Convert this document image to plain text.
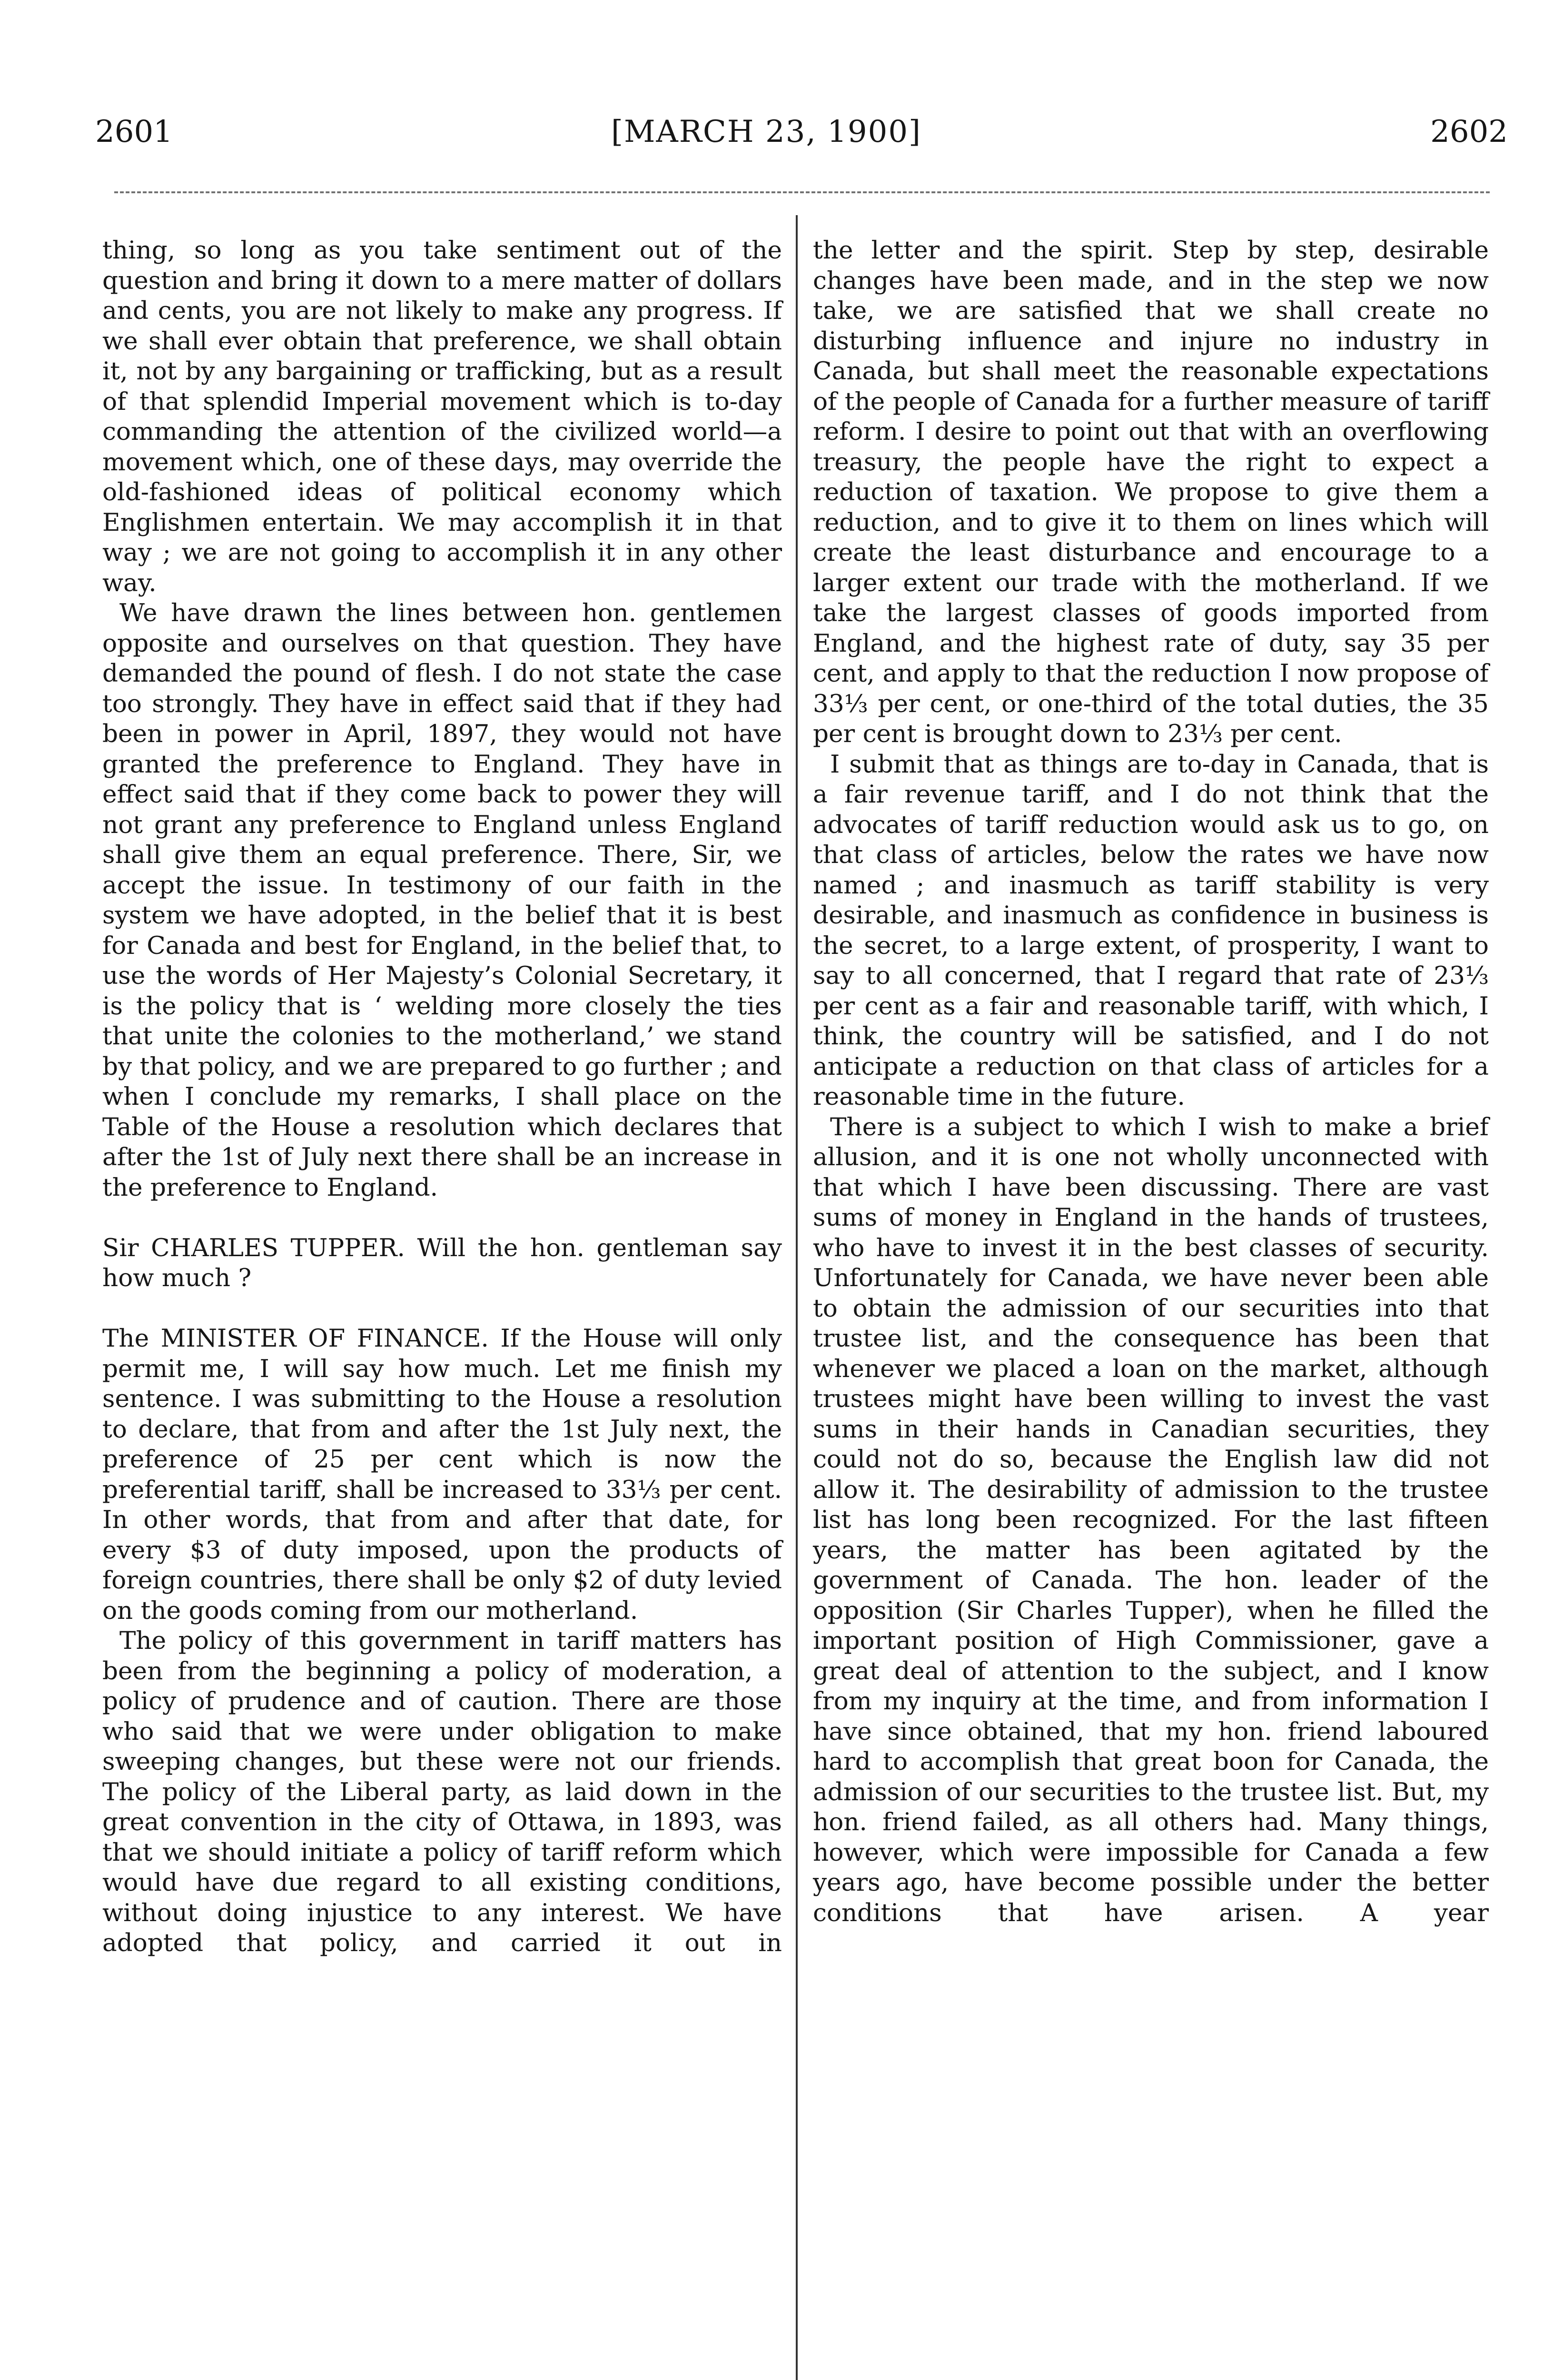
2601	[MARCH 23, 1900]	2602

thing, so long as you take sentiment out of the question and bring it down to a mere matter of dollars and cents, you are not likely to make any progress. If we shall ever obtain that preference, we shall obtain it, not by any bargaining or trafficking, but as a result of that splendid Imperial movement which is to-day commanding the attention of the civilized world—a movement which, one of these days, may override the old-fashioned ideas of political economy which Englishmen entertain. We may accomplish it in that way ; we are not going to accomplish it in any other way.

We have drawn the lines between hon. gentlemen opposite and ourselves on that question. They have demanded the pound of flesh. I do not state the case too strongly. They have in effect said that if they had been in power in April, 1897, they would not have granted the preference to England. They have in effect said that if they come back to power they will not grant any preference to England unless England shall give them an equal preference. There, Sir, we accept the issue. In testimony of our faith in the system we have adopted, in the belief that it is best for Canada and best for England, in the belief that, to use the words of Her Majesty’s Colonial Secretary, it is the policy that is ‘ welding more closely the ties that unite the colonies to the motherland,’ we stand by that policy, and we are prepared to go further ; and when I conclude my remarks, I shall place on the Table of the House a resolution which declares that after the 1st of July next there shall be an increase in the preference to England.

Sir CHARLES TUPPER. Will the hon. gentleman say how much ?

The MINISTER OF FINANCE. If the House will only permit me, I will say how much. Let me finish my sentence. I was submitting to the House a resolution to declare, that from and after the 1st July next, the preference of 25 per cent which is now the preferential tariff, shall be increased to 33⅓ per cent. In other words, that from and after that date, for every $3 of duty imposed, upon the products of foreign countries, there shall be only $2 of duty levied on the goods coming from our motherland.

The policy of this government in tariff matters has been from the beginning a policy of moderation, a policy of prudence and of caution. There are those who said that we were under obligation to make sweeping changes, but these were not our friends. The policy of the Liberal party, as laid down in the great convention in the city of Ottawa, in 1893, was that we should initiate a policy of tariff reform which would have due regard to all existing conditions, without doing injustice to any interest. We have adopted that policy, and carried it out in

the letter and the spirit. Step by step, desirable changes have been made, and in the step we now take, we are satisfied that we shall create no disturbing influence and injure no industry in Canada, but shall meet the reasonable expectations of the people of Canada for a further measure of tariff reform. I desire to point out that with an overflowing treasury, the people have the right to expect a reduction of taxation. We propose to give them a reduction, and to give it to them on lines which will create the least disturbance and encourage to a larger extent our trade with the motherland. If we take the largest classes of goods imported from England, and the highest rate of duty, say 35 per cent, and apply to that the reduction I now propose of 33⅓ per cent, or one-third of the total duties, the 35 per cent is brought down to 23⅓ per cent.

I submit that as things are to-day in Canada, that is a fair revenue tariff, and I do not think that the advocates of tariff reduction would ask us to go, on that class of articles, below the rates we have now named ; and inasmuch as tariff stability is very desirable, and inasmuch as confidence in business is the secret, to a large extent, of prosperity, I want to say to all concerned, that I regard that rate of 23⅓ per cent as a fair and reasonable tariff, with which, I think, the country will be satisfied, and I do not anticipate a reduction on that class of articles for a reasonable time in the future.

There is a subject to which I wish to make a brief allusion, and it is one not wholly unconnected with that which I have been discussing. There are vast sums of money in England in the hands of trustees, who have to invest it in the best classes of security. Unfortunately for Canada, we have never been able to obtain the admission of our securities into that trustee list, and the consequence has been that whenever we placed a loan on the market, although trustees might have been willing to invest the vast sums in their hands in Canadian securities, they could not do so, because the English law did not allow it. The desirability of admission to the trustee list has long been recognized. For the last fifteen years, the matter has been agitated by the government of Canada. The hon. leader of the opposition (Sir Charles Tupper), when he filled the important position of High Commissioner, gave a great deal of attention to the subject, and I know from my inquiry at the time, and from information I have since obtained, that my hon. friend laboured hard to accomplish that great boon for Canada, the admission of our securities to the trustee list. But, my hon. friend failed, as all others had. Many things, however, which were impossible for Canada a few years ago, have become possible under the better conditions that have arisen. A year
